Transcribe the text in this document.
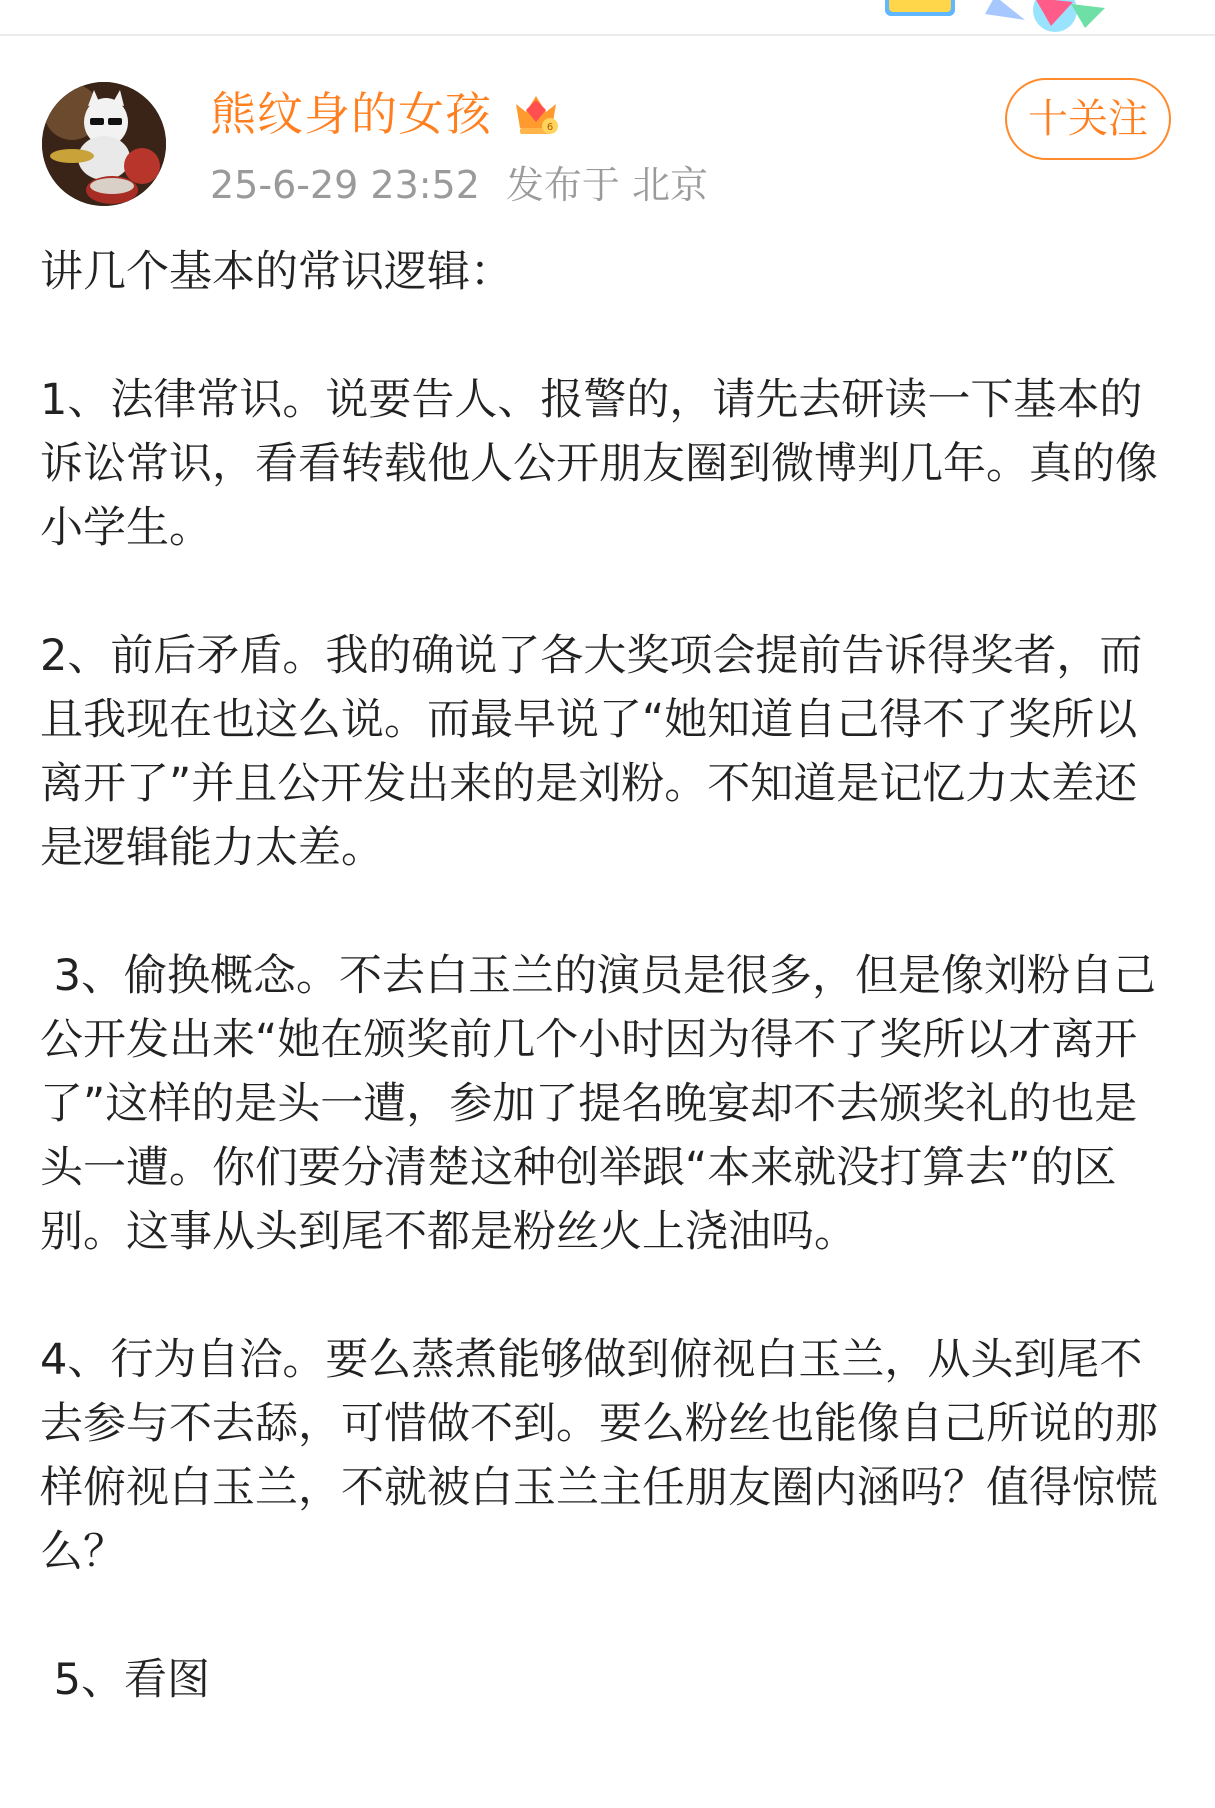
熊纹身的女孩	6
25-6-29 23:52 发布于 北京
十关注

讲几个基本的常识逻辑：

1、法律常识。说要告人、报警的，请先去研读一下基本的诉讼常识，看看转载他人公开朋友圈到微博判几年。真的像小学生。

2、前后矛盾。我的确说了各大奖项会提前告诉得奖者，而且我现在也这么说。而最早说了“她知道自己得不了奖所以离开了”并且公开发出来的是刘粉。不知道是记忆力太差还是逻辑能力太差。

3、偷换概念。不去白玉兰的演员是很多，但是像刘粉自己公开发出来“她在颁奖前几个小时因为得不了奖所以才离开了”这样的是头一遭，参加了提名晚宴却不去颁奖礼的也是头一遭。你们要分清楚这种创举跟“本来就没打算去”的区别。这事从头到尾不都是粉丝火上浇油吗。

4、行为自洽。要么蒸煮能够做到俯视白玉兰，从头到尾不去参与不去舔，可惜做不到。要么粉丝也能像自己所说的那样俯视白玉兰，不就被白玉兰主任朋友圈内涵吗？值得惊慌么？

5、看图
